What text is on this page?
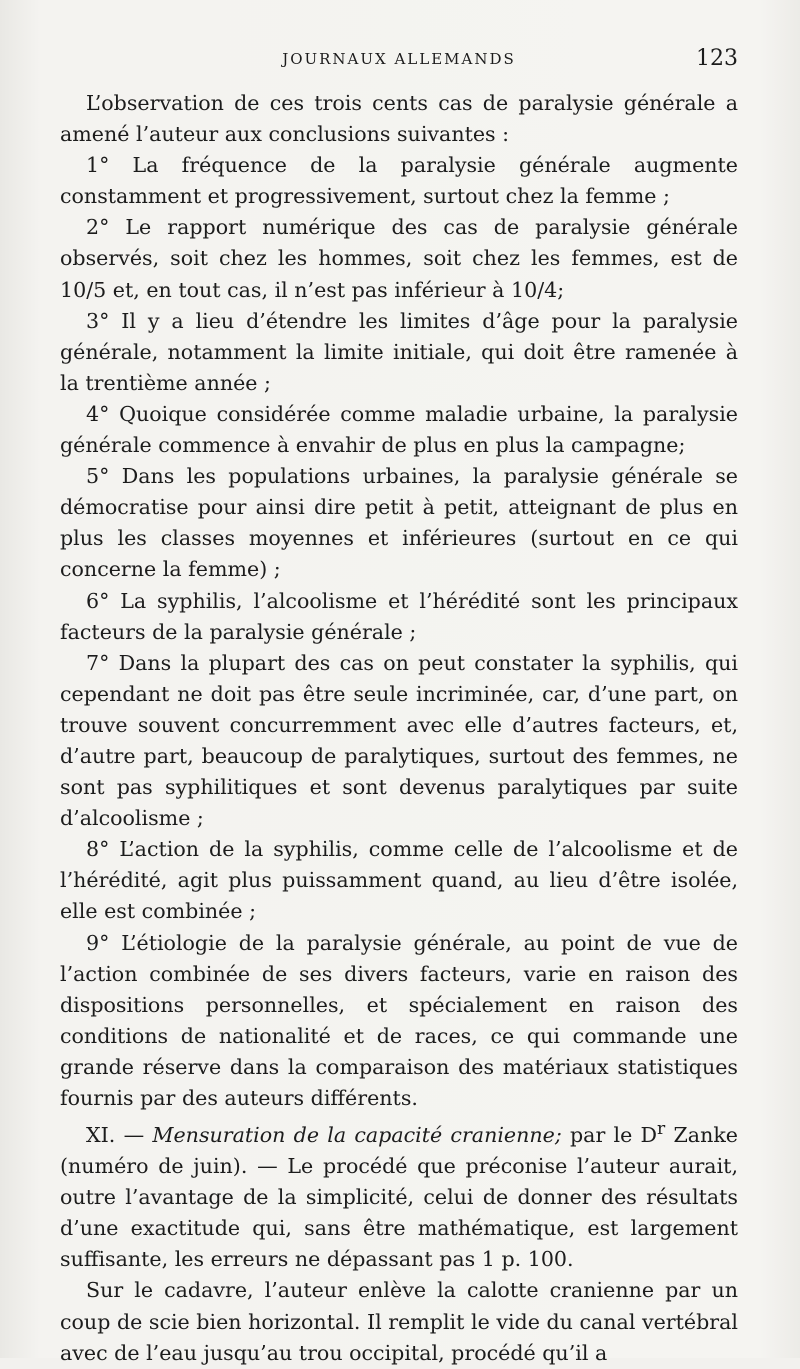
JOURNAUX ALLEMANDS	123

L’observation de ces trois cents cas de paralysie générale a amené l’auteur aux conclusions suivantes :

1° La fréquence de la paralysie générale augmente constamment et progressivement, surtout chez la femme ;

2° Le rapport numérique des cas de paralysie générale observés, soit chez les hommes, soit chez les femmes, est de 10/5 et, en tout cas, il n’est pas inférieur à 10/4;

3° Il y a lieu d’étendre les limites d’âge pour la paralysie générale, notamment la limite initiale, qui doit être ramenée à la trentième année ;

4° Quoique considérée comme maladie urbaine, la paralysie générale commence à envahir de plus en plus la campagne;

5° Dans les populations urbaines, la paralysie générale se démocratise pour ainsi dire petit à petit, atteignant de plus en plus les classes moyennes et inférieures (surtout en ce qui concerne la femme) ;

6° La syphilis, l’alcoolisme et l’hérédité sont les principaux facteurs de la paralysie générale ;

7° Dans la plupart des cas on peut constater la syphilis, qui cependant ne doit pas être seule incriminée, car, d’une part, on trouve souvent concurremment avec elle d’autres facteurs, et, d’autre part, beaucoup de paralytiques, surtout des femmes, ne sont pas syphilitiques et sont devenus paralytiques par suite d’alcoolisme ;

8° L’action de la syphilis, comme celle de l’alcoolisme et de l’hérédité, agit plus puissamment quand, au lieu d’être isolée, elle est combinée ;

9° L’étiologie de la paralysie générale, au point de vue de l’action combinée de ses divers facteurs, varie en raison des dispositions personnelles, et spécialement en raison des conditions de nationalité et de races, ce qui commande une grande réserve dans la comparaison des matériaux statistiques fournis par des auteurs différents.

XI. — Mensuration de la capacité cranienne; par le $D^r$ Zanke (numéro de juin). — Le procédé que préconise l’auteur aurait, outre l’avantage de la simplicité, celui de donner des résultats d’une exactitude qui, sans être mathématique, est largement suffisante, les erreurs ne dépassant pas 1 p. 100.

Sur le cadavre, l’auteur enlève la calotte cranienne par un coup de scie bien horizontal. Il remplit le vide du canal vertébral avec de l’eau jusqu’au trou occipital, procédé qu’il a
